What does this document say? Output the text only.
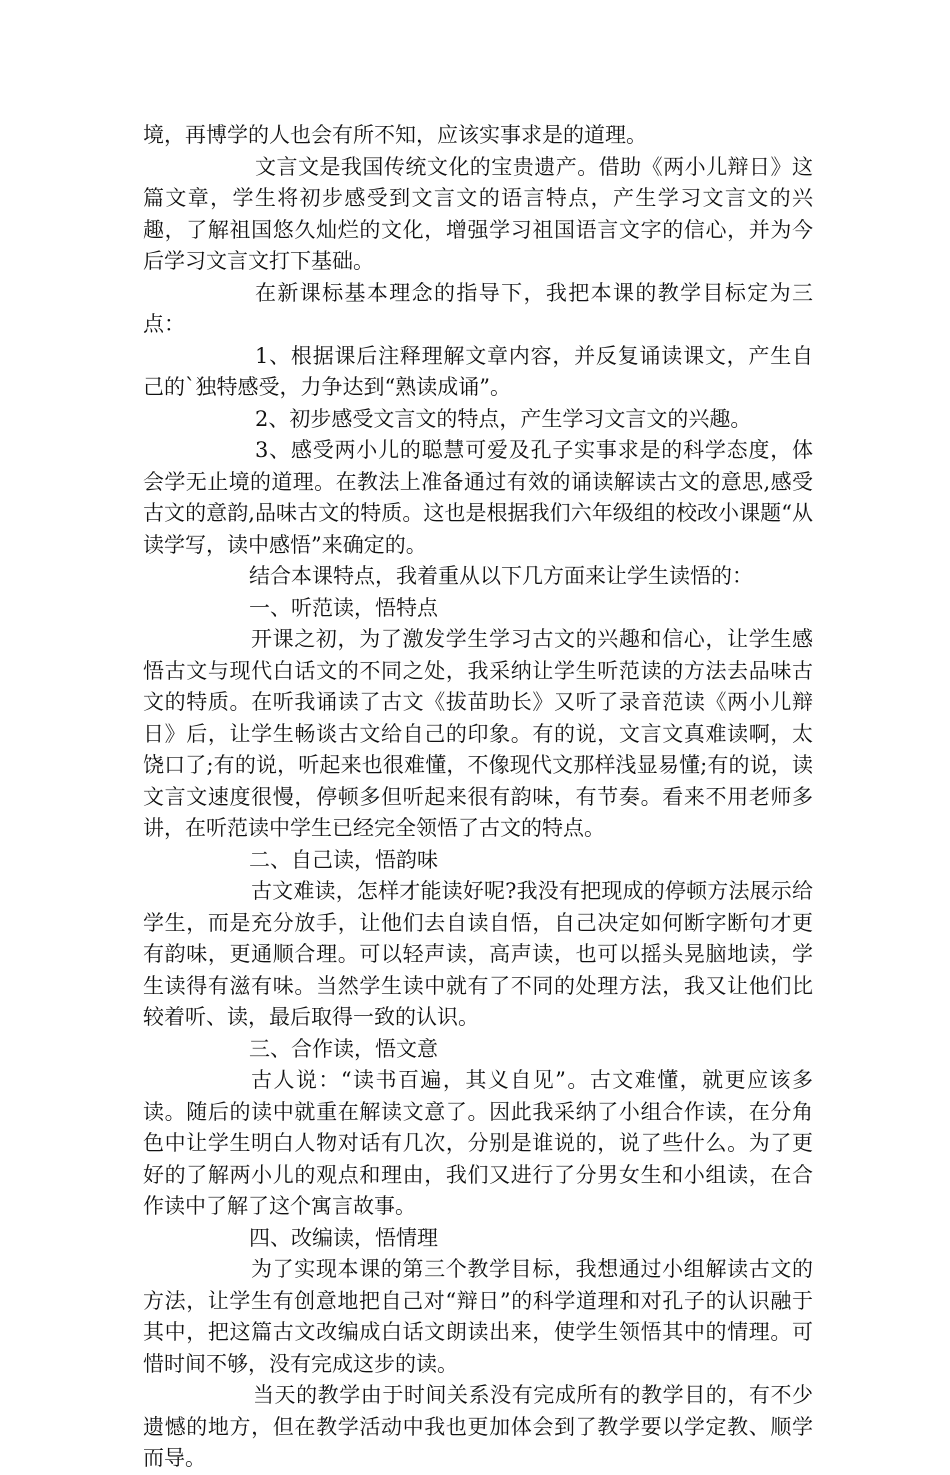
境，再博学的人也会有所不知，应该实事求是的道理。

文言文是我国传统文化的宝贵遗产。借助《两小儿辩日》这篇文章，学生将初步感受到文言文的语言特点，产生学习文言文的兴趣，了解祖国悠久灿烂的文化，增强学习祖国语言文字的信心，并为今后学习文言文打下基础。

在新课标基本理念的指导下，我把本课的教学目标定为三点：

1、根据课后注释理解文章内容，并反复诵读课文，产生自己的`独特感受，力争达到“熟读成诵”。

2、初步感受文言文的特点，产生学习文言文的兴趣。

3、感受两小儿的聪慧可爱及孔子实事求是的科学态度，体会学无止境的道理。在教法上准备通过有效的诵读解读古文的意思,感受古文的意韵,品味古文的特质。这也是根据我们六年级组的校改小课题“从读学写，读中感悟”来确定的。

结合本课特点，我着重从以下几方面来让学生读悟的：

一、听范读，悟特点

开课之初，为了激发学生学习古文的兴趣和信心，让学生感悟古文与现代白话文的不同之处，我采纳让学生听范读的方法去品味古文的特质。在听我诵读了古文《拔苗助长》又听了录音范读《两小儿辩日》后，让学生畅谈古文给自己的印象。有的说，文言文真难读啊，太饶口了;有的说，听起来也很难懂，不像现代文那样浅显易懂;有的说，读文言文速度很慢，停顿多但听起来很有韵味，有节奏。看来不用老师多讲，在听范读中学生已经完全领悟了古文的特点。

二、自己读，悟韵味

古文难读，怎样才能读好呢?我没有把现成的停顿方法展示给学生，而是充分放手，让他们去自读自悟，自己决定如何断字断句才更有韵味，更通顺合理。可以轻声读，高声读，也可以摇头晃脑地读，学生读得有滋有味。当然学生读中就有了不同的处理方法，我又让他们比较着听、读，最后取得一致的认识。

三、合作读，悟文意

古人说：“读书百遍，其义自见”。古文难懂，就更应该多读。随后的读中就重在解读文意了。因此我采纳了小组合作读，在分角色中让学生明白人物对话有几次，分别是谁说的，说了些什么。为了更好的了解两小儿的观点和理由，我们又进行了分男女生和小组读，在合作读中了解了这个寓言故事。

四、改编读，悟情理

为了实现本课的第三个教学目标，我想通过小组解读古文的方法，让学生有创意地把自己对“辩日”的科学道理和对孔子的认识融于其中，把这篇古文改编成白话文朗读出来，使学生领悟其中的情理。可惜时间不够，没有完成这步的读。

当天的教学由于时间关系没有完成所有的教学目的，有不少遗憾的地方，但在教学活动中我也更加体会到了教学要以学定教、顺学而导。
